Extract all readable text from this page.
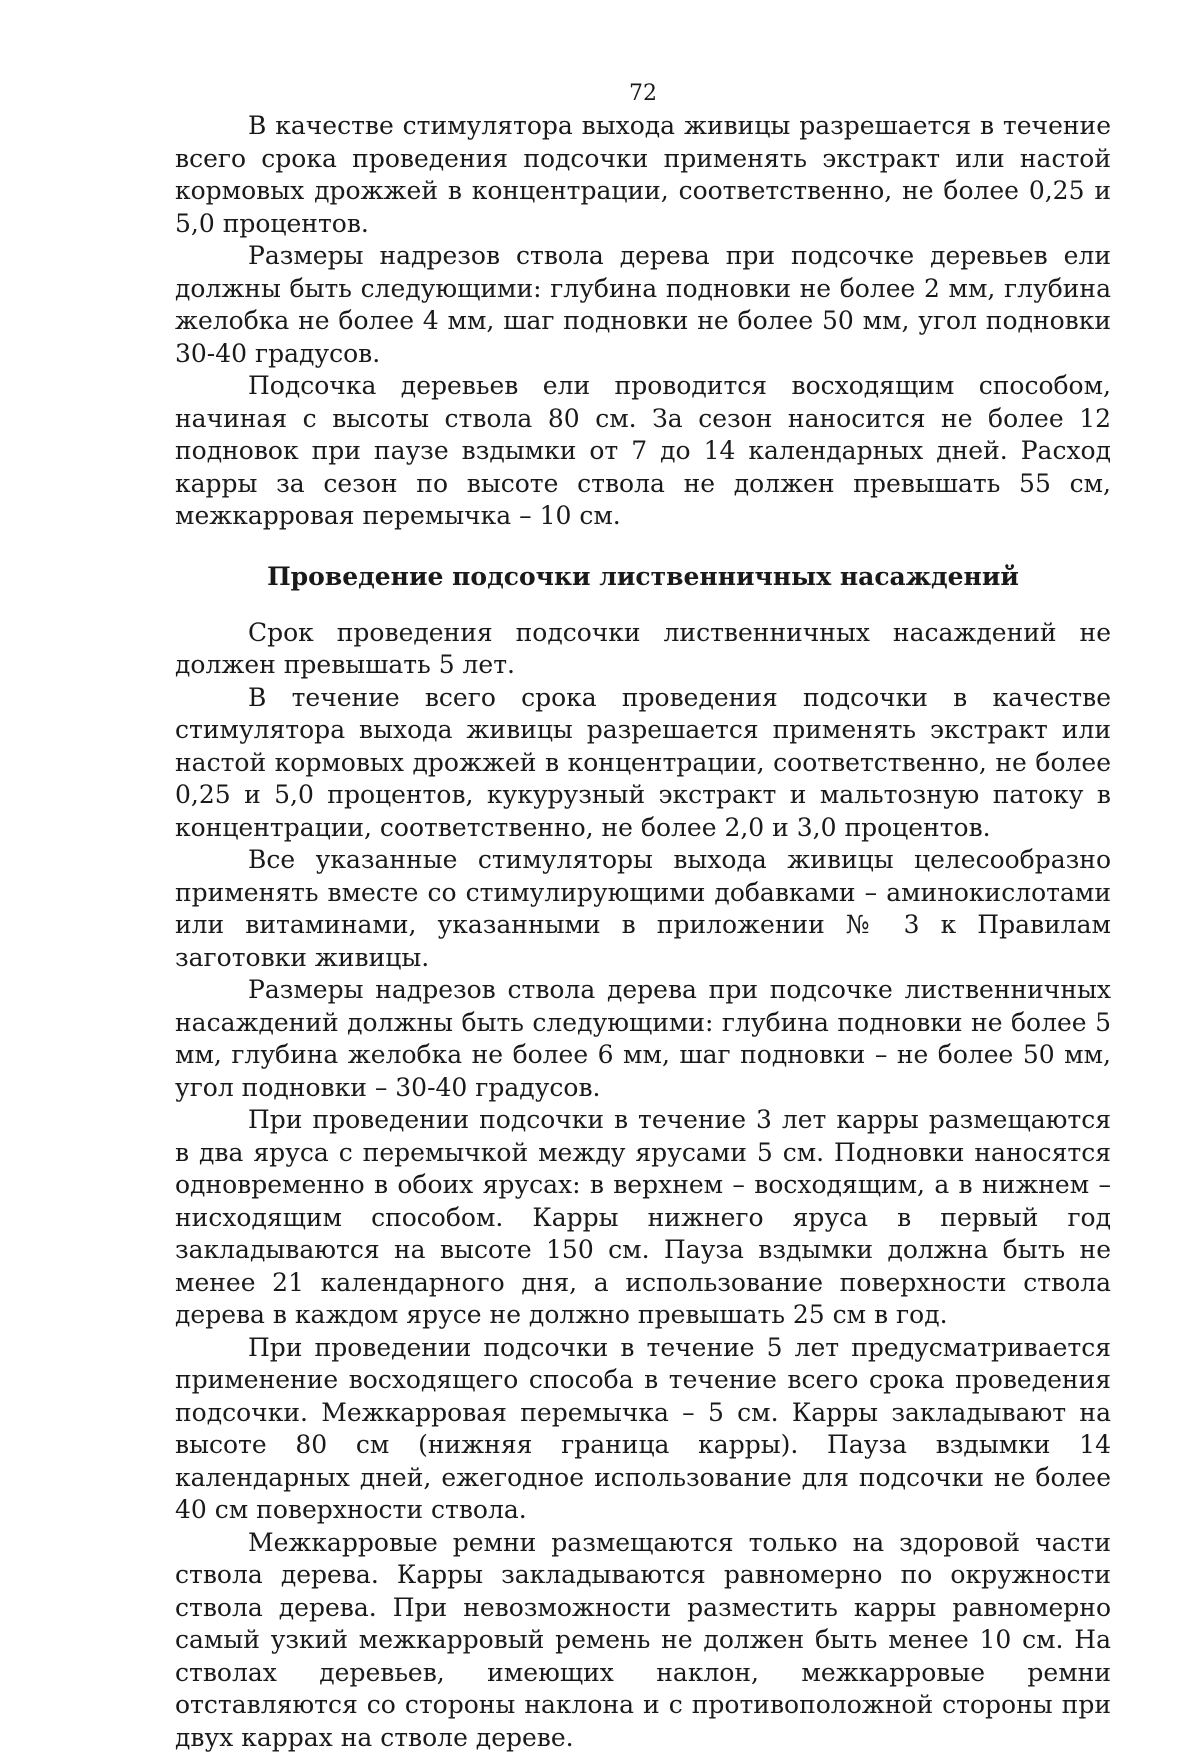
72

В качестве стимулятора выхода живицы разрешается в течение всего срока проведения подсочки применять экстракт или настой кормовых дрожжей в концентрации, соответственно, не более 0,25 и 5,0 процентов.

Размеры надрезов ствола дерева при подсочке деревьев ели должны быть следующими: глубина подновки не более 2 мм, глубина желобка не более 4 мм, шаг подновки не более 50 мм, угол подновки 30-40 градусов.

Подсочка деревьев ели проводится восходящим способом, начиная с высоты ствола 80 см. За сезон наносится не более 12 подновок при паузе вздымки от 7 до 14 календарных дней. Расход карры за сезон по высоте ствола не должен превышать 55 см, межкарровая перемычка – 10 см.

Проведение подсочки лиственничных насаждений

Срок проведения подсочки лиственничных насаждений не должен превышать 5 лет.

В течение всего срока проведения подсочки в качестве стимулятора выхода живицы разрешается применять экстракт или настой кормовых дрожжей в концентрации, соответственно, не более 0,25 и 5,0 процентов, кукурузный экстракт и мальтозную патоку в концентрации, соответственно, не более 2,0 и 3,0 процентов.

Все указанные стимуляторы выхода живицы целесообразно применять вместе со стимулирующими добавками – аминокислотами или витаминами, указанными в приложении № 3 к Правилам заготовки живицы.

Размеры надрезов ствола дерева при подсочке лиственничных насаждений должны быть следующими: глубина подновки не более 5 мм, глубина желобка не более 6 мм, шаг подновки – не более 50 мм, угол подновки – 30-40 градусов.

При проведении подсочки в течение 3 лет карры размещаются в два яруса с перемычкой между ярусами 5 см. Подновки наносятся одновременно в обоих ярусах: в верхнем – восходящим, а в нижнем – нисходящим способом. Карры нижнего яруса в первый год закладываются на высоте 150 см. Пауза вздымки должна быть не менее 21 календарного дня, а использование поверхности ствола дерева в каждом ярусе не должно превышать 25 см в год.

При проведении подсочки в течение 5 лет предусматривается применение восходящего способа в течение всего срока проведения подсочки. Межкарровая перемычка – 5 см. Карры закладывают на высоте 80 см (нижняя граница карры). Пауза вздымки 14 календарных дней, ежегодное использование для подсочки не более 40 см поверхности ствола.

Межкарровые ремни размещаются только на здоровой части ствола дерева. Карры закладываются равномерно по окружности ствола дерева. При невозможности разместить карры равномерно самый узкий межкарровый ремень не должен быть менее 10 см. На стволах деревьев, имеющих наклон, межкарровые ремни отставляются со стороны наклона и с противоположной стороны при двух каррах на стволе дереве.
